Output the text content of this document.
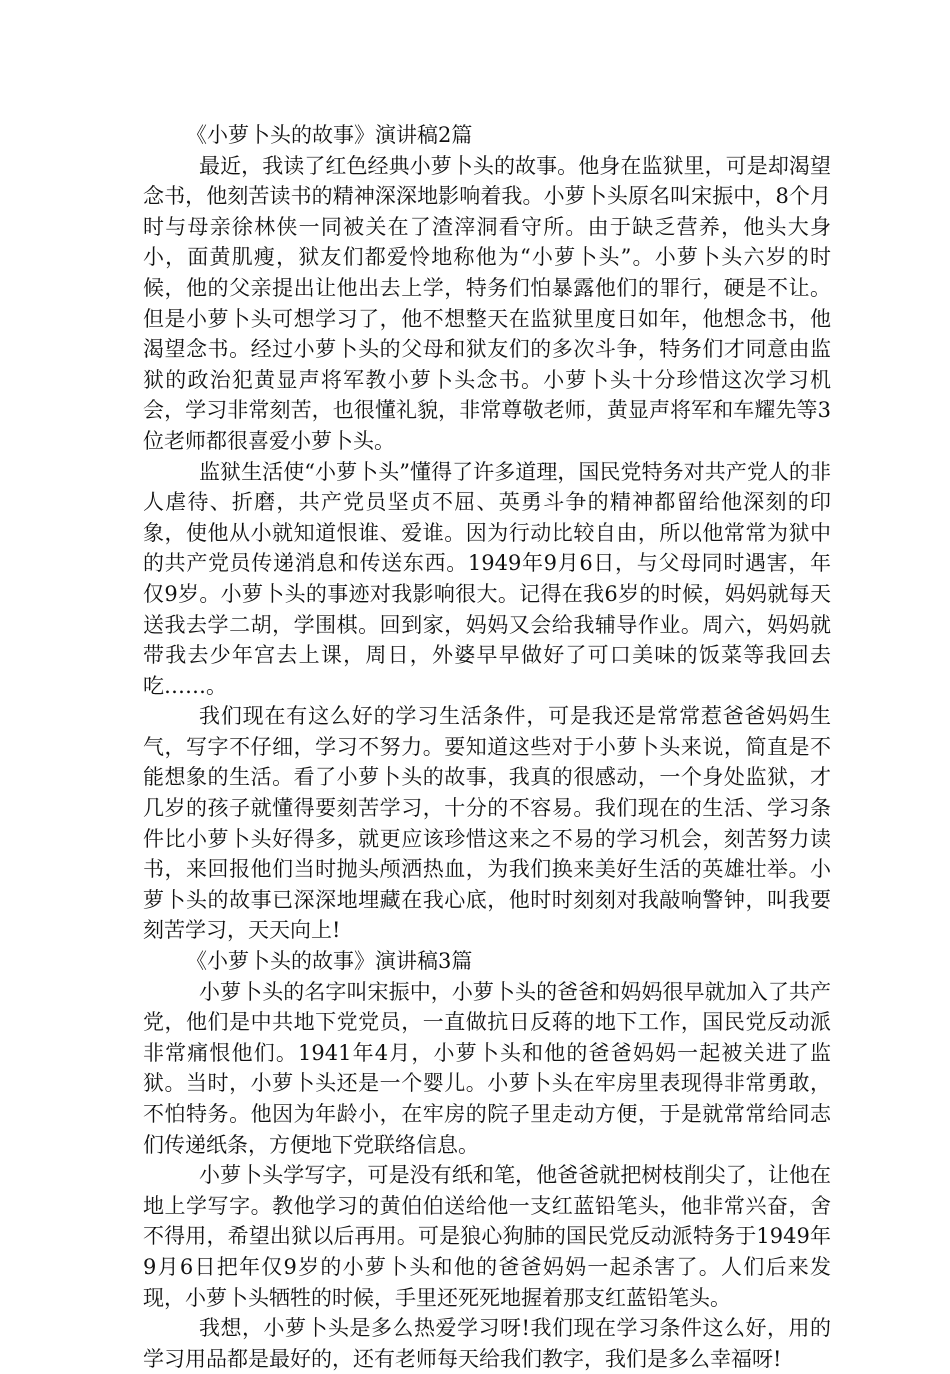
《小萝卜头的故事》演讲稿2篇

最近，我读了红色经典小萝卜头的故事。他身在监狱里，可是却渴望念书，他刻苦读书的精神深深地影响着我。小萝卜头原名叫宋振中，8个月时与母亲徐林侠一同被关在了渣滓洞看守所。由于缺乏营养，他头大身小，面黄肌瘦，狱友们都爱怜地称他为“小萝卜头”。小萝卜头六岁的时候，他的父亲提出让他出去上学，特务们怕暴露他们的罪行，硬是不让。但是小萝卜头可想学习了，他不想整天在监狱里度日如年，他想念书，他渴望念书。经过小萝卜头的父母和狱友们的多次斗争，特务们才同意由监狱的政治犯黄显声将军教小萝卜头念书。小萝卜头十分珍惜这次学习机会，学习非常刻苦，也很懂礼貌，非常尊敬老师，黄显声将军和车耀先等3位老师都很喜爱小萝卜头。

监狱生活使“小萝卜头”懂得了许多道理，国民党特务对共产党人的非人虐待、折磨，共产党员坚贞不屈、英勇斗争的精神都留给他深刻的印象，使他从小就知道恨谁、爱谁。因为行动比较自由，所以他常常为狱中的共产党员传递消息和传送东西。1949年9月6日，与父母同时遇害，年仅9岁。小萝卜头的事迹对我影响很大。记得在我6岁的时候，妈妈就每天送我去学二胡，学围棋。回到家，妈妈又会给我辅导作业。周六，妈妈就带我去少年宫去上课，周日，外婆早早做好了可口美味的饭菜等我回去吃……。

我们现在有这么好的学习生活条件，可是我还是常常惹爸爸妈妈生气，写字不仔细，学习不努力。要知道这些对于小萝卜头来说，简直是不能想象的生活。看了小萝卜头的故事，我真的很感动，一个身处监狱，才几岁的孩子就懂得要刻苦学习，十分的不容易。我们现在的生活、学习条件比小萝卜头好得多，就更应该珍惜这来之不易的学习机会，刻苦努力读书，来回报他们当时抛头颅洒热血，为我们换来美好生活的英雄壮举。小萝卜头的故事已深深地埋藏在我心底，他时时刻刻对我敲响警钟，叫我要刻苦学习，天天向上!

《小萝卜头的故事》演讲稿3篇

小萝卜头的名字叫宋振中，小萝卜头的爸爸和妈妈很早就加入了共产党，他们是中共地下党党员，一直做抗日反蒋的地下工作，国民党反动派非常痛恨他们。1941年4月，小萝卜头和他的爸爸妈妈一起被关进了监狱。当时，小萝卜头还是一个婴儿。小萝卜头在牢房里表现得非常勇敢，不怕特务。他因为年龄小，在牢房的院子里走动方便，于是就常常给同志们传递纸条，方便地下党联络信息。

小萝卜头学写字，可是没有纸和笔，他爸爸就把树枝削尖了，让他在地上学写字。教他学习的黄伯伯送给他一支红蓝铅笔头，他非常兴奋，舍不得用，希望出狱以后再用。可是狼心狗肺的国民党反动派特务于1949年9月6日把年仅9岁的小萝卜头和他的爸爸妈妈一起杀害了。人们后来发现，小萝卜头牺牲的时候，手里还死死地握着那支红蓝铅笔头。

我想，小萝卜头是多么热爱学习呀!我们现在学习条件这么好，用的学习用品都是最好的，还有老师每天给我们教字，我们是多么幸福呀!
